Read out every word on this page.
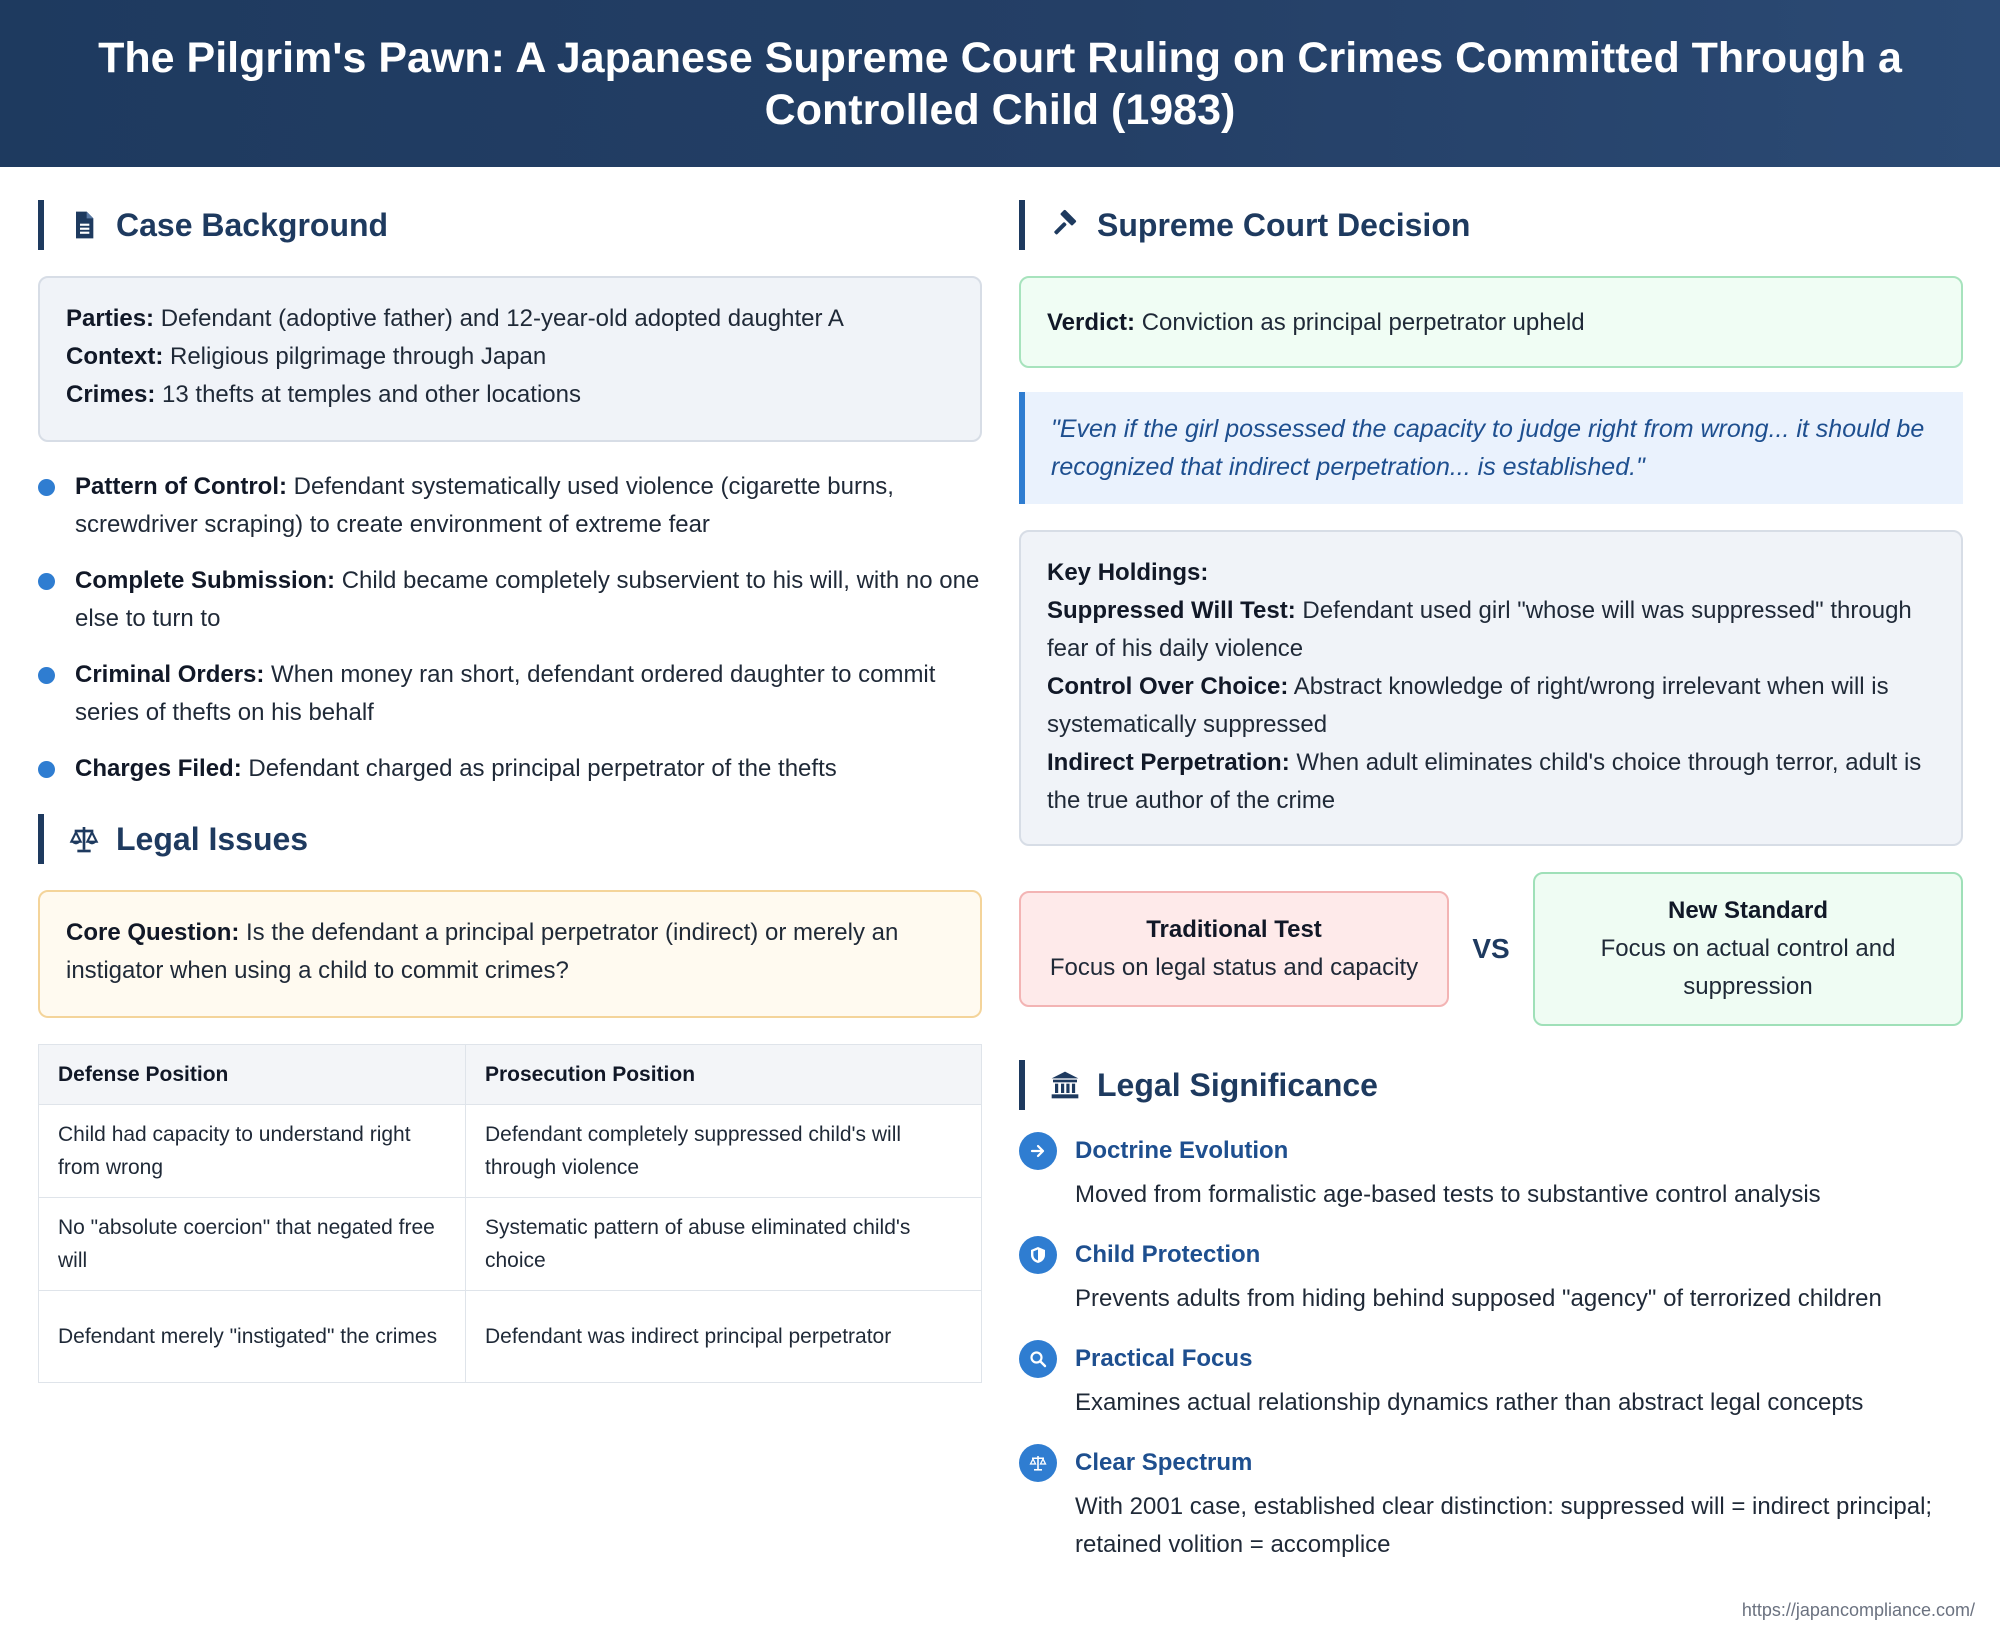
The Pilgrim's Pawn: A Japanese Supreme Court Ruling on Crimes Committed Through a Controlled Child (1983)
Case Background
Parties: Defendant (adoptive father) and 12-year-old adopted daughter A
Context: Religious pilgrimage through Japan
Crimes: 13 thefts at temples and other locations
Pattern of Control: Defendant systematically used violence (cigarette burns, screwdriver scraping) to create environment of extreme fear
Complete Submission: Child became completely subservient to his will, with no one else to turn to
Criminal Orders: When money ran short, defendant ordered daughter to commit series of thefts on his behalf
Charges Filed: Defendant charged as principal perpetrator of the thefts
Legal Issues
Core Question: Is the defendant a principal perpetrator (indirect) or merely an instigator when using a child to commit crimes?
Defense Position	Prosecution Position
Child had capacity to understand right from wrong	Defendant completely suppressed child's will through violence
No "absolute coercion" that negated free will	Systematic pattern of abuse eliminated child's choice
Defendant merely "instigated" the crimes	Defendant was indirect principal perpetrator
Supreme Court Decision
Verdict: Conviction as principal perpetrator upheld
"Even if the girl possessed the capacity to judge right from wrong... it should be recognized that indirect perpetration... is established."
Key Holdings:
Suppressed Will Test: Defendant used girl "whose will was suppressed" through fear of his daily violence
Control Over Choice: Abstract knowledge of right/wrong irrelevant when will is systematically suppressed
Indirect Perpetration: When adult eliminates child's choice through terror, adult is the true author of the crime
Traditional Test
Focus on legal status and capacity
VS
New Standard
Focus on actual control and suppression
Legal Significance
Doctrine Evolution
Moved from formalistic age-based tests to substantive control analysis
Child Protection
Prevents adults from hiding behind supposed "agency" of terrorized children
Practical Focus
Examines actual relationship dynamics rather than abstract legal concepts
Clear Spectrum
With 2001 case, established clear distinction: suppressed will = indirect principal; retained volition = accomplice
https://japancompliance.com/
